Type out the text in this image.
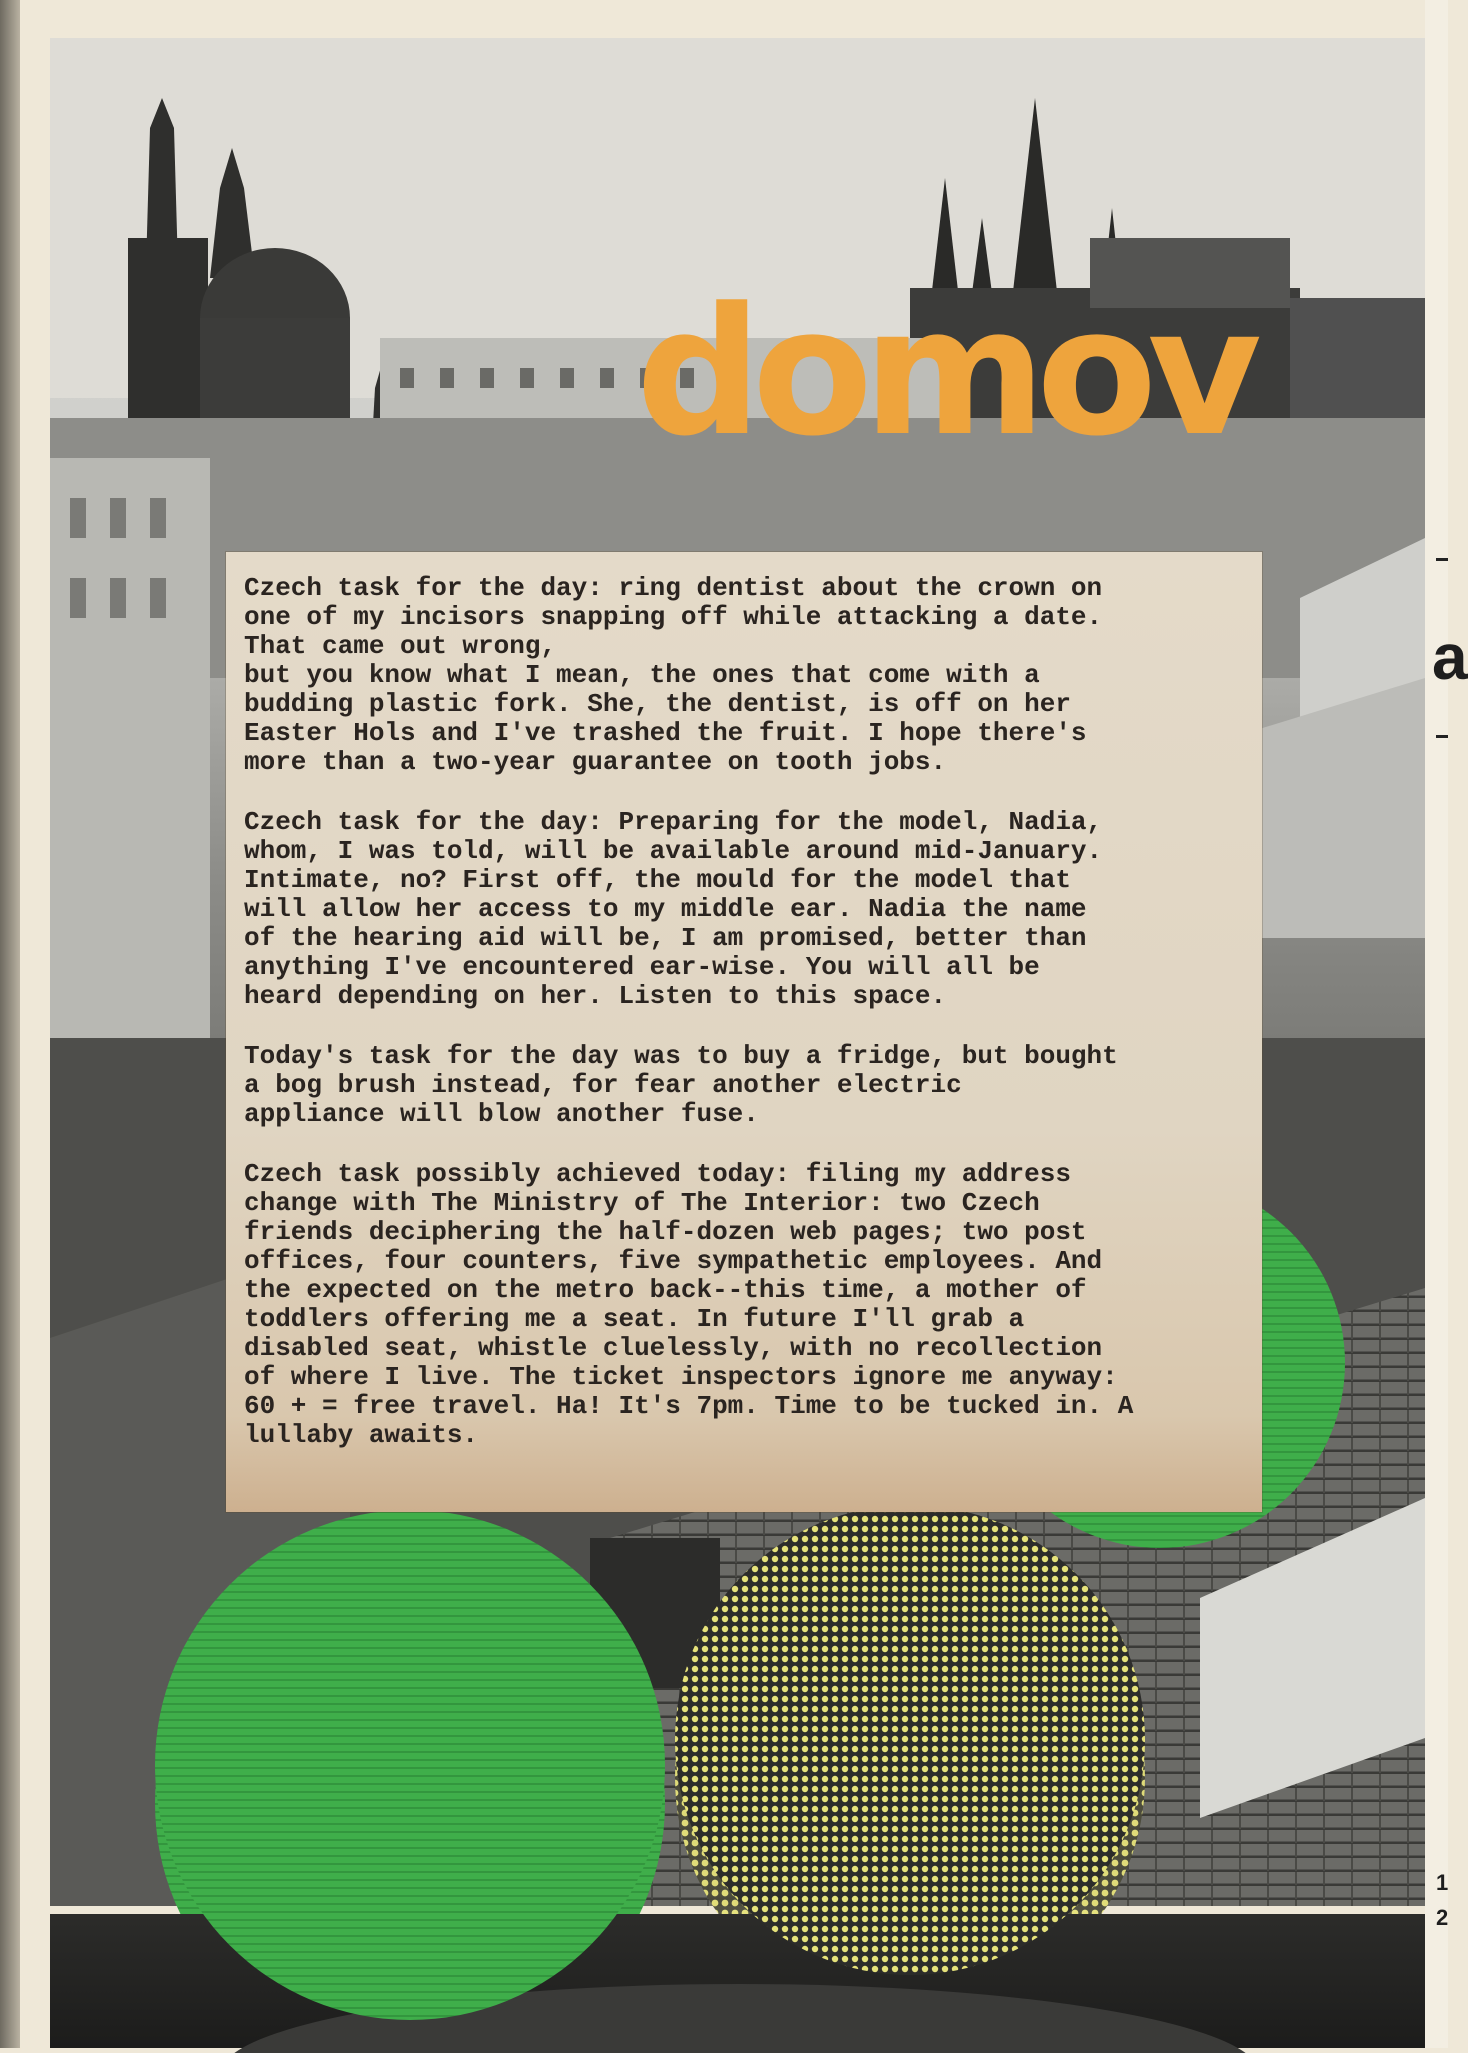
a
1
2
domov

Czech task for the day: ring dentist about the crown on
one of my incisors snapping off while attacking a date.
That came out wrong,
but you know what I mean, the ones that come with a
budding plastic fork. She, the dentist, is off on her
Easter Hols and I've trashed the fruit. I hope there's
more than a two-year guarantee on tooth jobs.

Czech task for the day: Preparing for the model, Nadia,
whom, I was told, will be available around mid-January.
Intimate, no? First off, the mould for the model that
will allow her access to my middle ear. Nadia the name
of the hearing aid will be, I am promised, better than
anything I've encountered ear-wise. You will all be
heard depending on her. Listen to this space.

Today's task for the day was to buy a fridge, but bought
a bog brush instead, for fear another electric
appliance will blow another fuse.

Czech task possibly achieved today: filing my address
change with The Ministry of The Interior: two Czech
friends deciphering the half-dozen web pages; two post
offices, four counters, five sympathetic employees. And
the expected on the metro back--this time, a mother of
toddlers offering me a seat. In future I'll grab a
disabled seat, whistle cluelessly, with no recollection
of where I live. The ticket inspectors ignore me anyway:
60 + = free travel. Ha! It's 7pm. Time to be tucked in. A
lullaby awaits.
